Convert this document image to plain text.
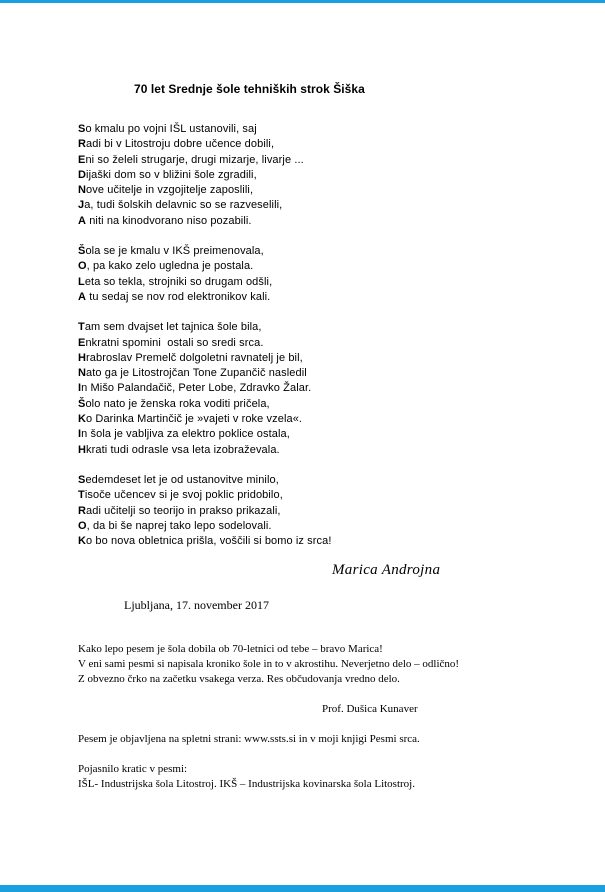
70 let Srednje šole tehniških strok Šiška
So kmalu po vojni IŠL ustanovili, saj
Radi bi v Litostroju dobre učence dobili,
Eni so želeli strugarje, drugi mizarje, livarje ...
Dijaški dom so v bližini šole zgradili,
Nove učitelje in vzgojitelje zaposlili,
Ja, tudi šolskih delavnic so se razveselili,
A niti na kinodvorano niso pozabili.
Šola se je kmalu v IKŠ preimenovala,
O, pa kako zelo ugledna je postala.
Leta so tekla, strojniki so drugam odšli,
A tu sedaj se nov rod elektronikov kali.
Tam sem dvajset let tajnica šole bila,
Enkratni spomini  ostali so sredi srca.
Hrabroslav Premelč dolgoletni ravnatelj je bil,
Nato ga je Litostrojčan Tone Zupančič nasledil
In Mišo Palandačič, Peter Lobe, Zdravko Žalar.
Šolo nato je ženska roka voditi pričela,
Ko Darinka Martinčič je »vajeti v roke vzela«.
In šola je vabljiva za elektro poklice ostala,
Hkrati tudi odrasle vsa leta izobraževala.
Sedemdeset let je od ustanovitve minilo,
Tisoče učencev si je svoj poklic pridobilo,
Radi učitelji so teorijo in prakso prikazali,
O, da bi še naprej tako lepo sodelovali.
Ko bo nova obletnica prišla, voščili si bomo iz srca!
Marica Androjna
Ljubljana, 17. november 2017
Kako lepo pesem je šola dobila ob 70-letnici od tebe – bravo Marica!
V eni sami pesmi si napisala kroniko šole in to v akrostihu. Neverjetno delo – odlično!
Z obvezno črko na začetku vsakega verza. Res občudovanja vredno delo.
Prof. Dušica Kunaver
Pesem je objavljena na spletni strani: www.ssts.si in v moji knjigi Pesmi srca.
Pojasnilo kratic v pesmi:
IŠL- Industrijska šola Litostroj. IKŠ – Industrijska kovinarska šola Litostroj.
